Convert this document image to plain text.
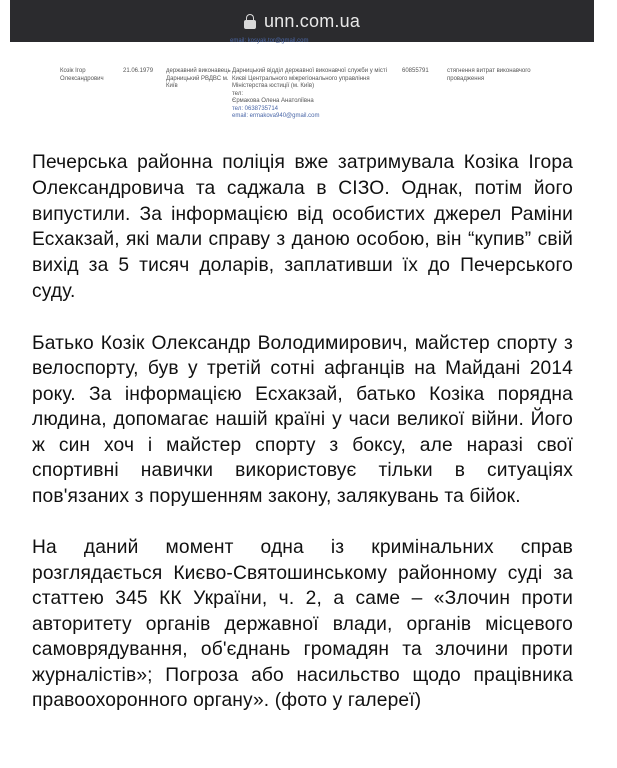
unn.com.ua
email: kosyak.tor@gmail.com
Козік Ігор Олександрович
21.06.1979 державний виконавець Дарницький РВДВС м. Київ
Дарницький відділ державної виконавчої служби у місті
Києві Центрального міжрегіонального управління
Міністерства юстиції (м. Київ)
тел:
Єрмакова Олена Анатоліївна
тел: 0638735714
email: ermakova940@gmail.com
60855791	стягнення витрат виконавчого провадження

Печерська районна поліція вже затримувала Козіка Ігора Олександровича та саджала в СІЗО. Однак, потім його випустили. За інформацією від особистих джерел Раміни Есхакзай, які мали справу з даною особою, він “купив” свій вихід за 5 тисяч доларів, заплативши їх до Печерського суду.

Батько Козік Олександр Володимирович, майстер спорту з велоспорту, був у третій сотні афганців на Майдані 2014 року. За інформацією Есхакзай, батько Козіка порядна людина, допомагає нашій країні у часи великої війни. Його ж син хоч і майстер спорту з боксу, але наразі свої спортивні навички використовує тільки в ситуаціях пов'язаних з порушенням закону, залякувань та бійок.

На даний момент одна із кримінальних справ розглядається Києво-Святошинському районному суді за статтею 345 КК України, ч. 2, а саме – «Злочин проти авторитету органів державної влади, органів місцевого самоврядування, об'єднань громадян та злочини проти журналістів»; Погроза або насильство щодо працівника правоохоронного органу». (фото у галереї)
